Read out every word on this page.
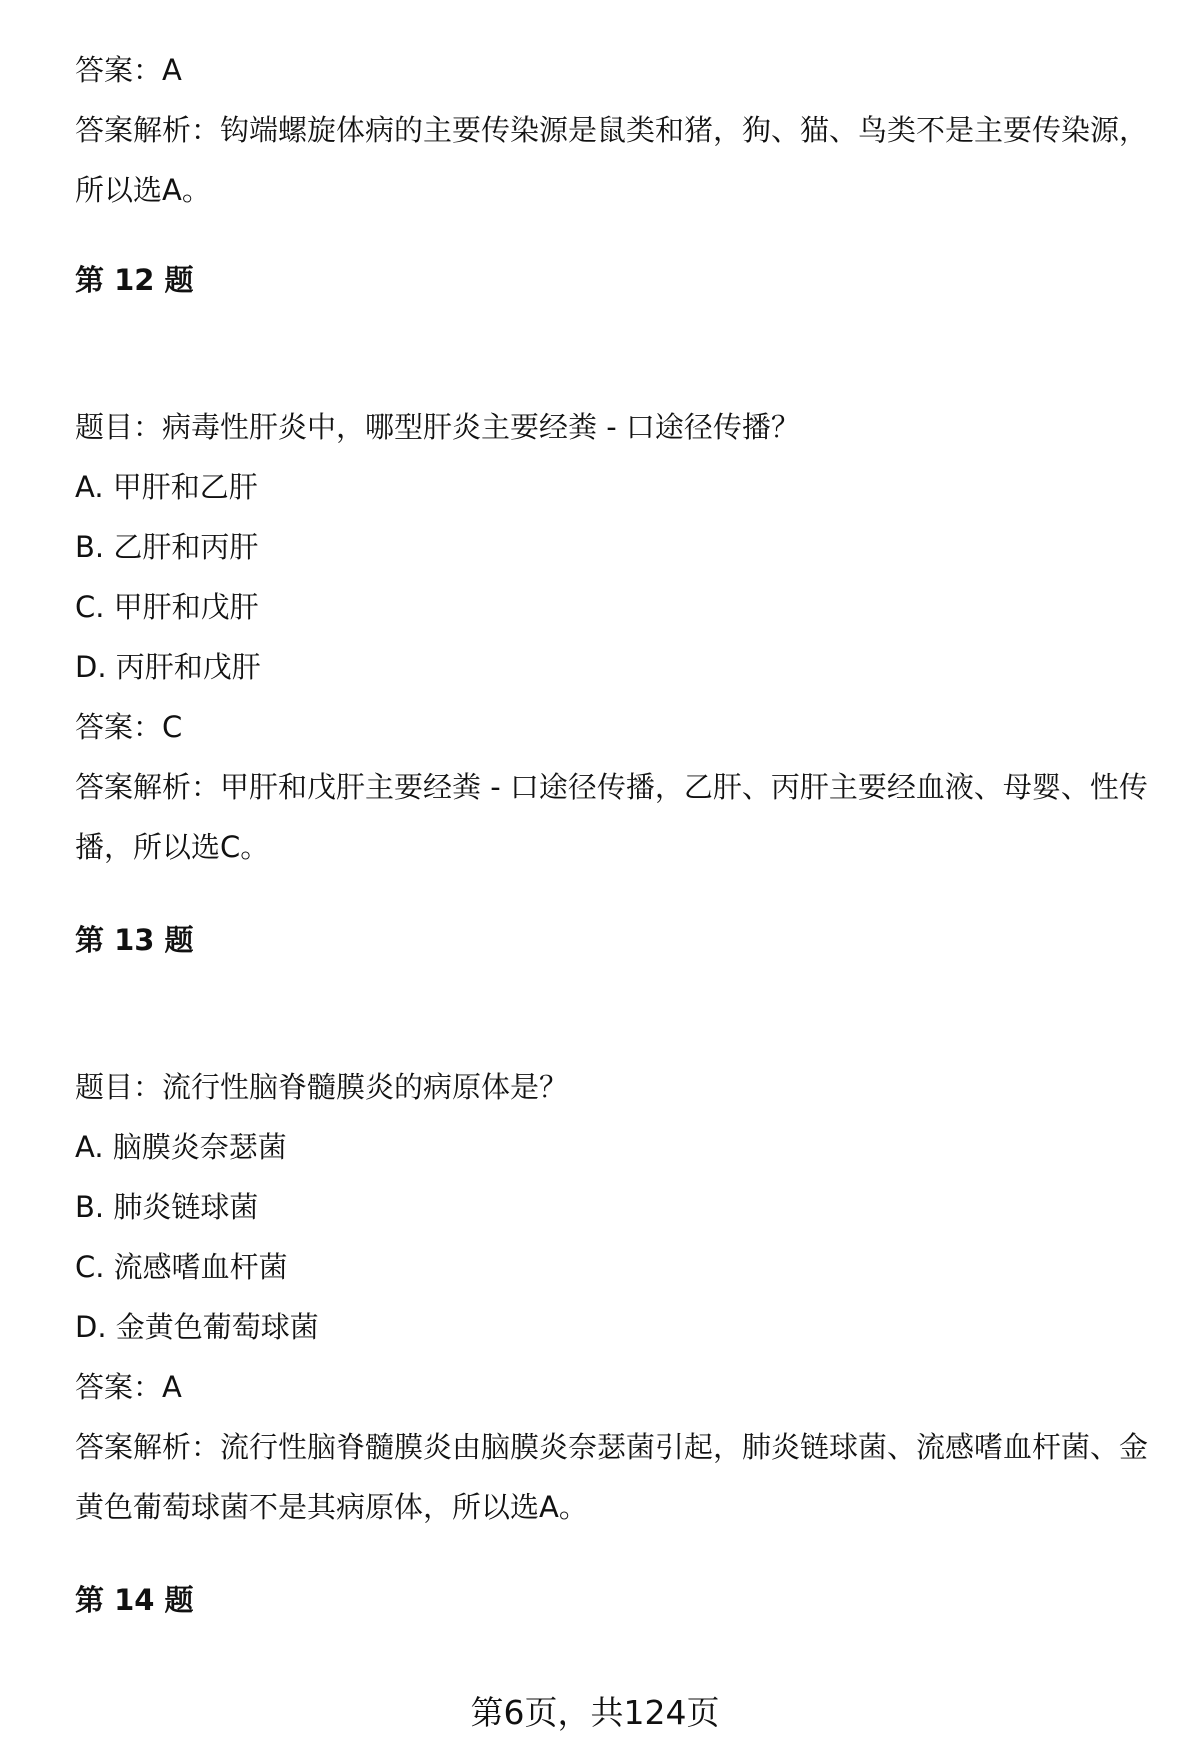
答案：A

答案解析：钩端螺旋体病的主要传染源是鼠类和猪，狗、猫、鸟类不是主要传染源，所以选A。

第 12 题

题目：病毒性肝炎中，哪型肝炎主要经粪 - 口途径传播？

A. 甲肝和乙肝

B. 乙肝和丙肝

C. 甲肝和戊肝

D. 丙肝和戊肝

答案：C

答案解析：甲肝和戊肝主要经粪 - 口途径传播，乙肝、丙肝主要经血液、母婴、性传播，所以选C。

第 13 题

题目：流行性脑脊髓膜炎的病原体是？

A. 脑膜炎奈瑟菌

B. 肺炎链球菌

C. 流感嗜血杆菌

D. 金黄色葡萄球菌

答案：A

答案解析：流行性脑脊髓膜炎由脑膜炎奈瑟菌引起，肺炎链球菌、流感嗜血杆菌、金黄色葡萄球菌不是其病原体，所以选A。

第 14 题

第6页，共124页
